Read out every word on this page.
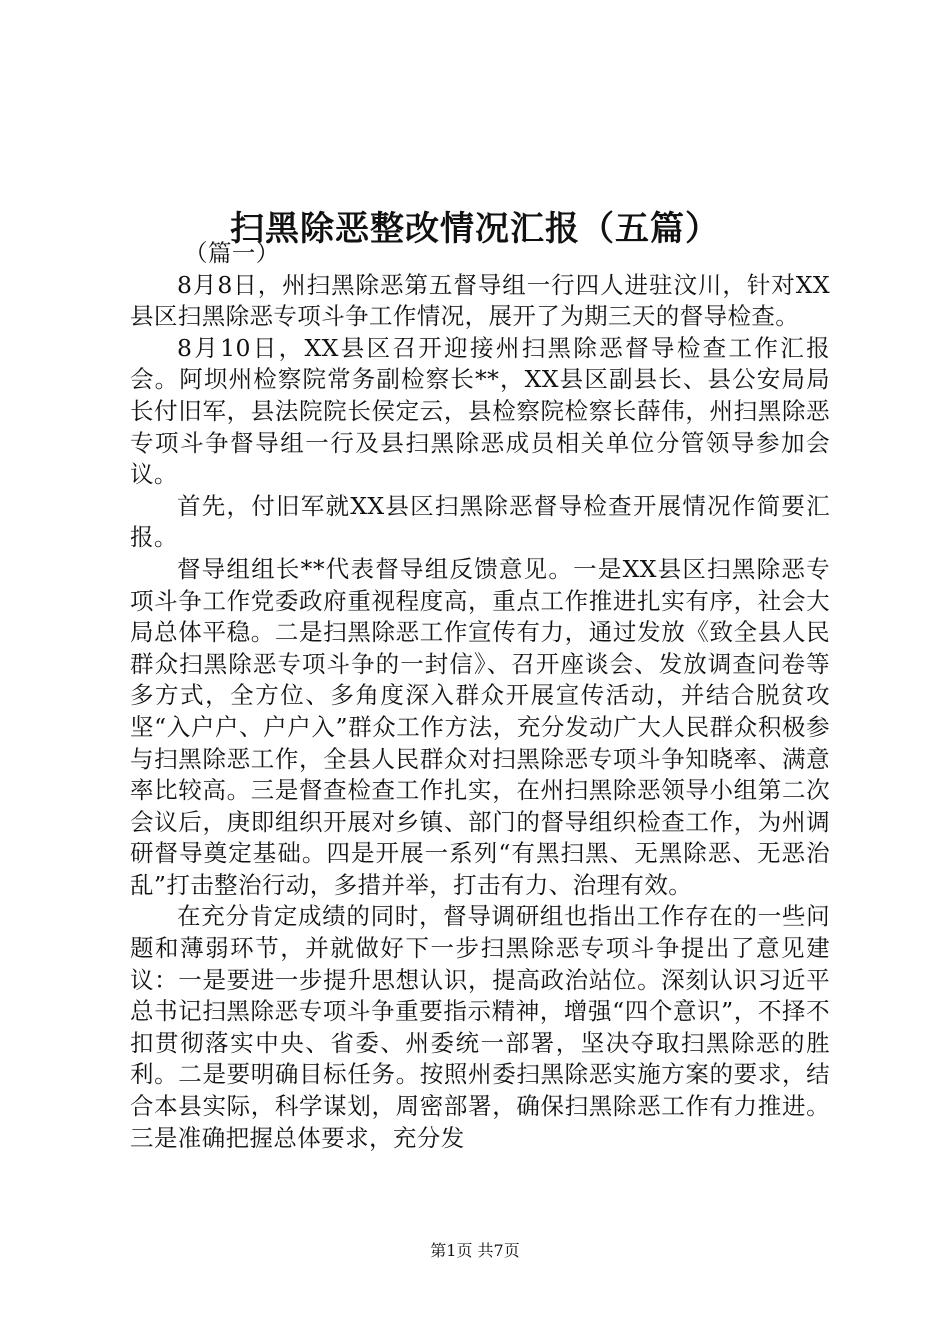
扫黑除恶整改情况汇报（五篇）

（篇一）

8月8日，州扫黑除恶第五督导组一行四人进驻汶川，针对XX县区扫黑除恶专项斗争工作情况，展开了为期三天的督导检查。

8月10日，XX县区召开迎接州扫黑除恶督导检查工作汇报会。阿坝州检察院常务副检察长**，XX县区副县长、县公安局局长付旧军，县法院院长侯定云，县检察院检察长薛伟，州扫黑除恶专项斗争督导组一行及县扫黑除恶成员相关单位分管领导参加会议。

首先，付旧军就XX县区扫黑除恶督导检查开展情况作简要汇报。

督导组组长**代表督导组反馈意见。一是XX县区扫黑除恶专项斗争工作党委政府重视程度高，重点工作推进扎实有序，社会大局总体平稳。二是扫黑除恶工作宣传有力，通过发放《致全县人民群众扫黑除恶专项斗争的一封信》、召开座谈会、发放调查问卷等多方式，全方位、多角度深入群众开展宣传活动，并结合脱贫攻坚“入户户、户户入”群众工作方法，充分发动广大人民群众积极参与扫黑除恶工作，全县人民群众对扫黑除恶专项斗争知晓率、满意率比较高。三是督查检查工作扎实，在州扫黑除恶领导小组第二次会议后，庚即组织开展对乡镇、部门的督导组织检查工作，为州调研督导奠定基础。四是开展一系列“有黑扫黑、无黑除恶、无恶治乱”打击整治行动，多措并举，打击有力、治理有效。

在充分肯定成绩的同时，督导调研组也指出工作存在的一些问题和薄弱环节，并就做好下一步扫黑除恶专项斗争提出了意见建议：一是要进一步提升思想认识，提高政治站位。深刻认识习近平总书记扫黑除恶专项斗争重要指示精神，增强“四个意识”，不择不扣贯彻落实中央、省委、州委统一部署，坚决夺取扫黑除恶的胜利。二是要明确目标任务。按照州委扫黑除恶实施方案的要求，结合本县实际，科学谋划，周密部署，确保扫黑除恶工作有力推进。三是准确把握总体要求，充分发

第1页 共7页
